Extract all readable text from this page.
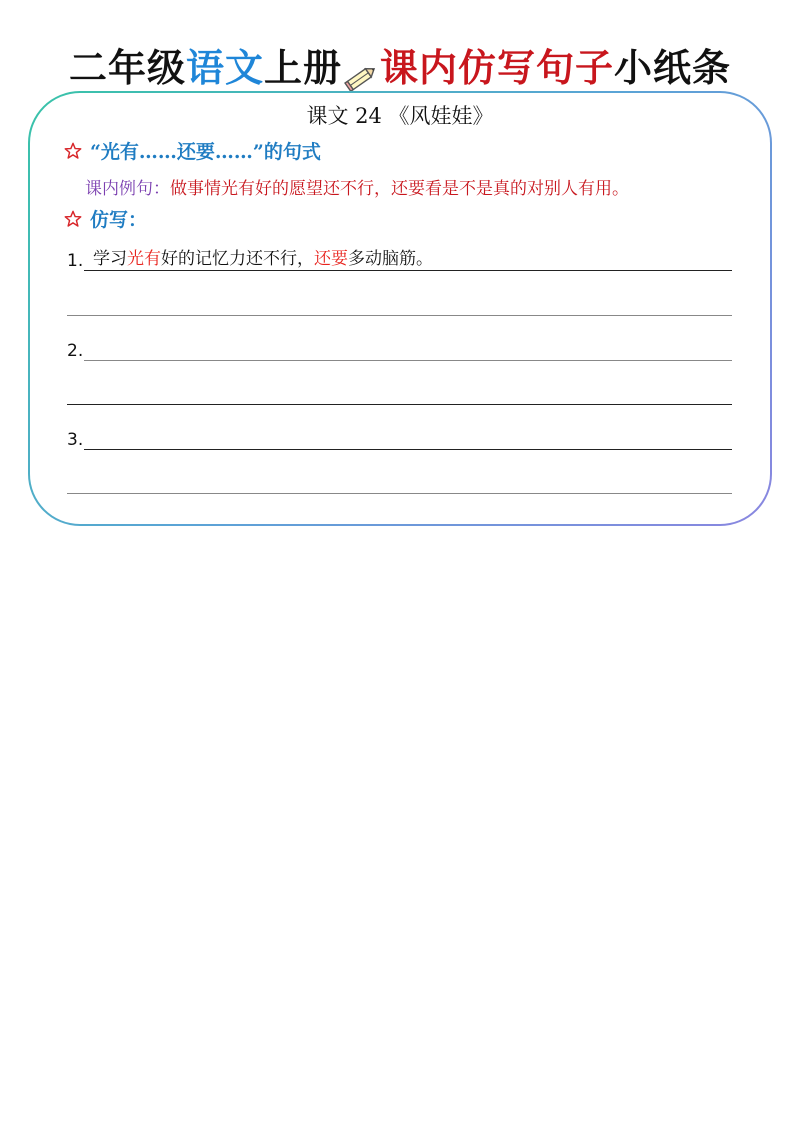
二年级语文上册 课内仿写句子小纸条
课文 24 《风娃娃》
“光有……还要……”的句式
课内例句：做事情光有好的愿望还不行，还要看是不是真的对别人有用。
仿写：
1. 学习光有好的记忆力还不行，还要多动脑筋。
2.
3.
